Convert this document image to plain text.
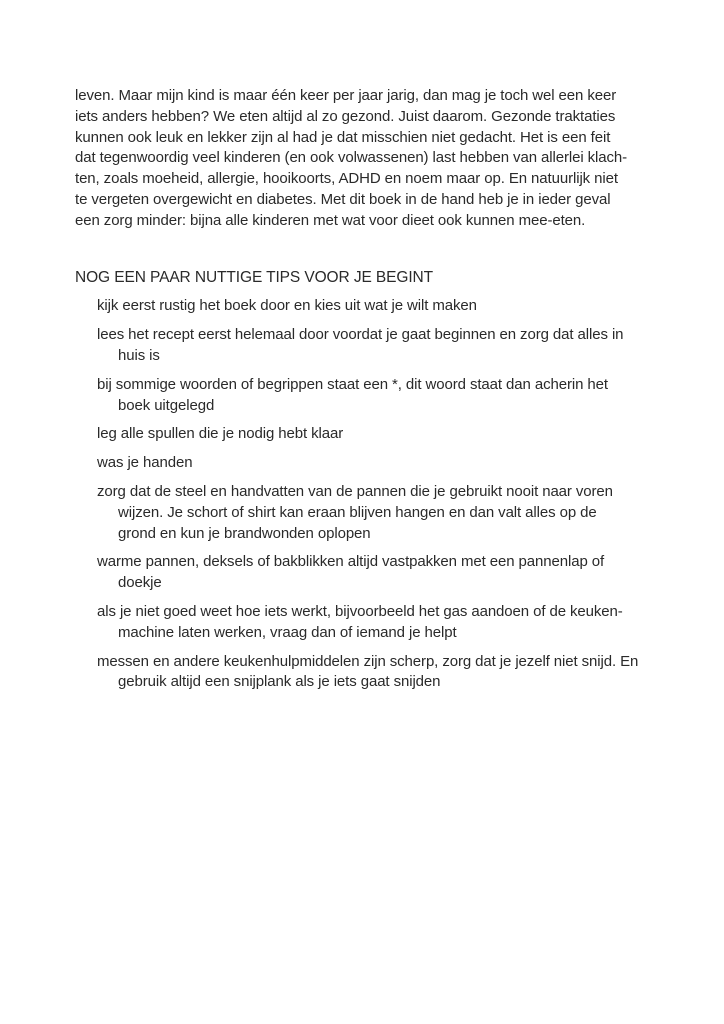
leven. Maar mijn kind is maar één keer per jaar jarig, dan mag je toch wel een keer
iets anders hebben? We eten altijd al zo gezond. Juist daarom. Gezonde traktaties
kunnen ook leuk en lekker zijn al had je dat misschien niet gedacht. Het is een feit
dat tegenwoordig veel kinderen (en ook volwassenen) last hebben van allerlei klach-
ten, zoals moeheid, allergie, hooikoorts, ADHD en noem maar op. En natuurlijk niet
te vergeten overgewicht en diabetes. Met dit boek in de hand heb je in ieder geval
een zorg minder: bijna alle kinderen met wat voor dieet ook kunnen mee-eten.
NOG EEN PAAR NUTTIGE TIPS VOOR JE BEGINT
kijk eerst rustig het boek door en kies uit wat je wilt maken
lees het recept eerst helemaal door voordat je gaat beginnen en zorg dat alles in
huis is
bij sommige woorden of begrippen staat een *, dit woord staat dan acherin het
boek uitgelegd
leg alle spullen die je nodig hebt klaar
was je handen
zorg dat de steel en handvatten van de pannen die je gebruikt nooit naar voren
wijzen. Je schort of shirt kan eraan blijven hangen en dan valt alles op de
grond en kun je brandwonden oplopen
warme pannen, deksels of bakblikken altijd vastpakken met een pannenlap of
doekje
als je niet goed weet hoe iets werkt, bijvoorbeeld het gas aandoen of de keuken-
machine laten werken, vraag dan of iemand je helpt
messen en andere keukenhulpmiddelen zijn scherp, zorg dat je jezelf niet snijd. En
gebruik altijd een snijplank als je iets gaat snijden
